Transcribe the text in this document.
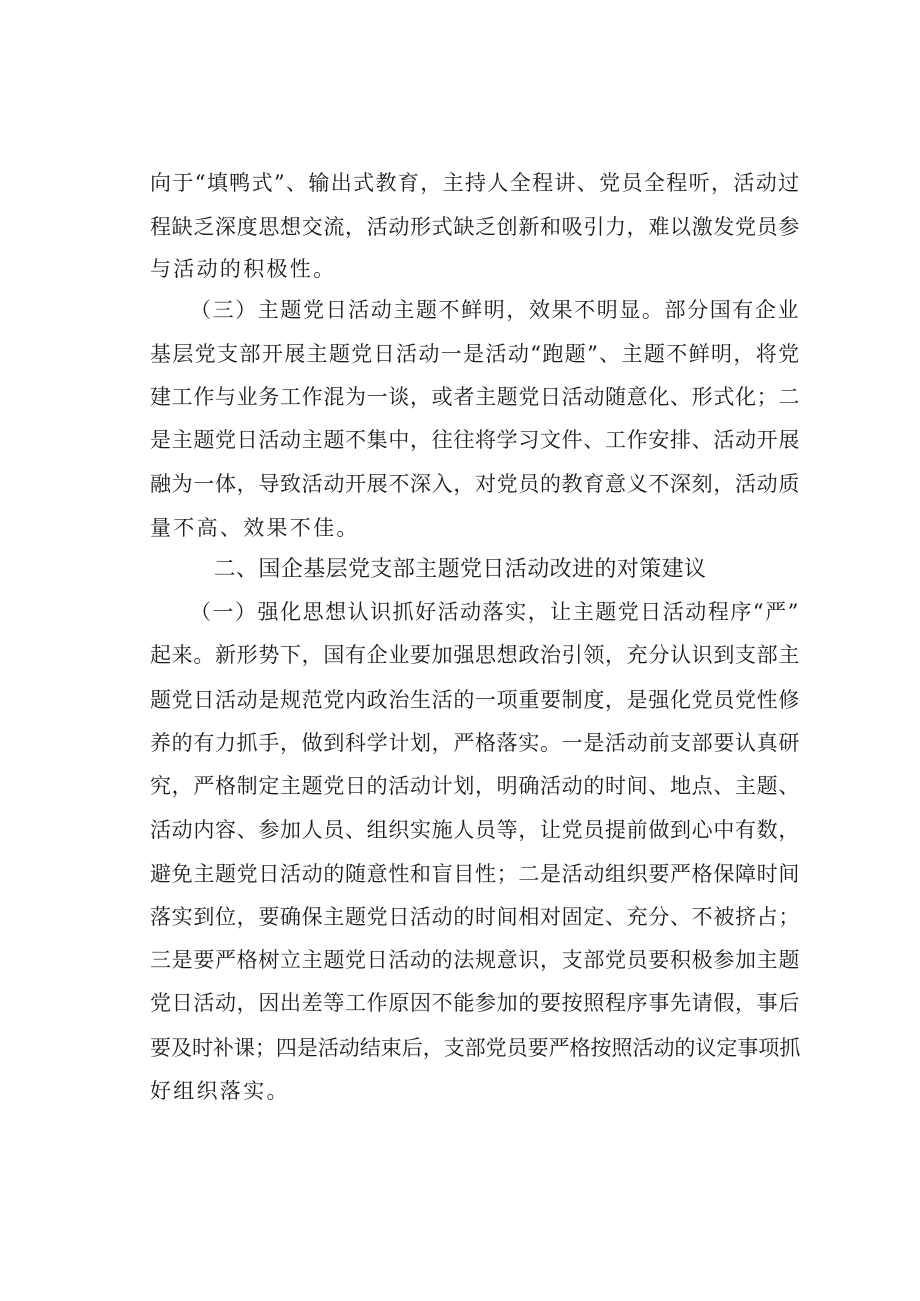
向于“填鸭式”、输出式教育，主持人全程讲、党员全程听，活动过
程缺乏深度思想交流，活动形式缺乏创新和吸引力，难以激发党员参
与活动的积极性。
（三）主题党日活动主题不鲜明，效果不明显。部分国有企业
基层党支部开展主题党日活动一是活动“跑题”、主题不鲜明，将党
建工作与业务工作混为一谈，或者主题党日活动随意化、形式化；二
是主题党日活动主题不集中，往往将学习文件、工作安排、活动开展
融为一体，导致活动开展不深入，对党员的教育意义不深刻，活动质
量不高、效果不佳。
二、国企基层党支部主题党日活动改进的对策建议
（一）强化思想认识抓好活动落实，让主题党日活动程序“严”
起来。新形势下，国有企业要加强思想政治引领，充分认识到支部主
题党日活动是规范党内政治生活的一项重要制度，是强化党员党性修
养的有力抓手，做到科学计划，严格落实。一是活动前支部要认真研
究，严格制定主题党日的活动计划，明确活动的时间、地点、主题、
活动内容、参加人员、组织实施人员等，让党员提前做到心中有数，
避免主题党日活动的随意性和盲目性；二是活动组织要严格保障时间
落实到位，要确保主题党日活动的时间相对固定、充分、不被挤占；
三是要严格树立主题党日活动的法规意识，支部党员要积极参加主题
党日活动，因出差等工作原因不能参加的要按照程序事先请假，事后
要及时补课；四是活动结束后，支部党员要严格按照活动的议定事项抓
好组织落实。
